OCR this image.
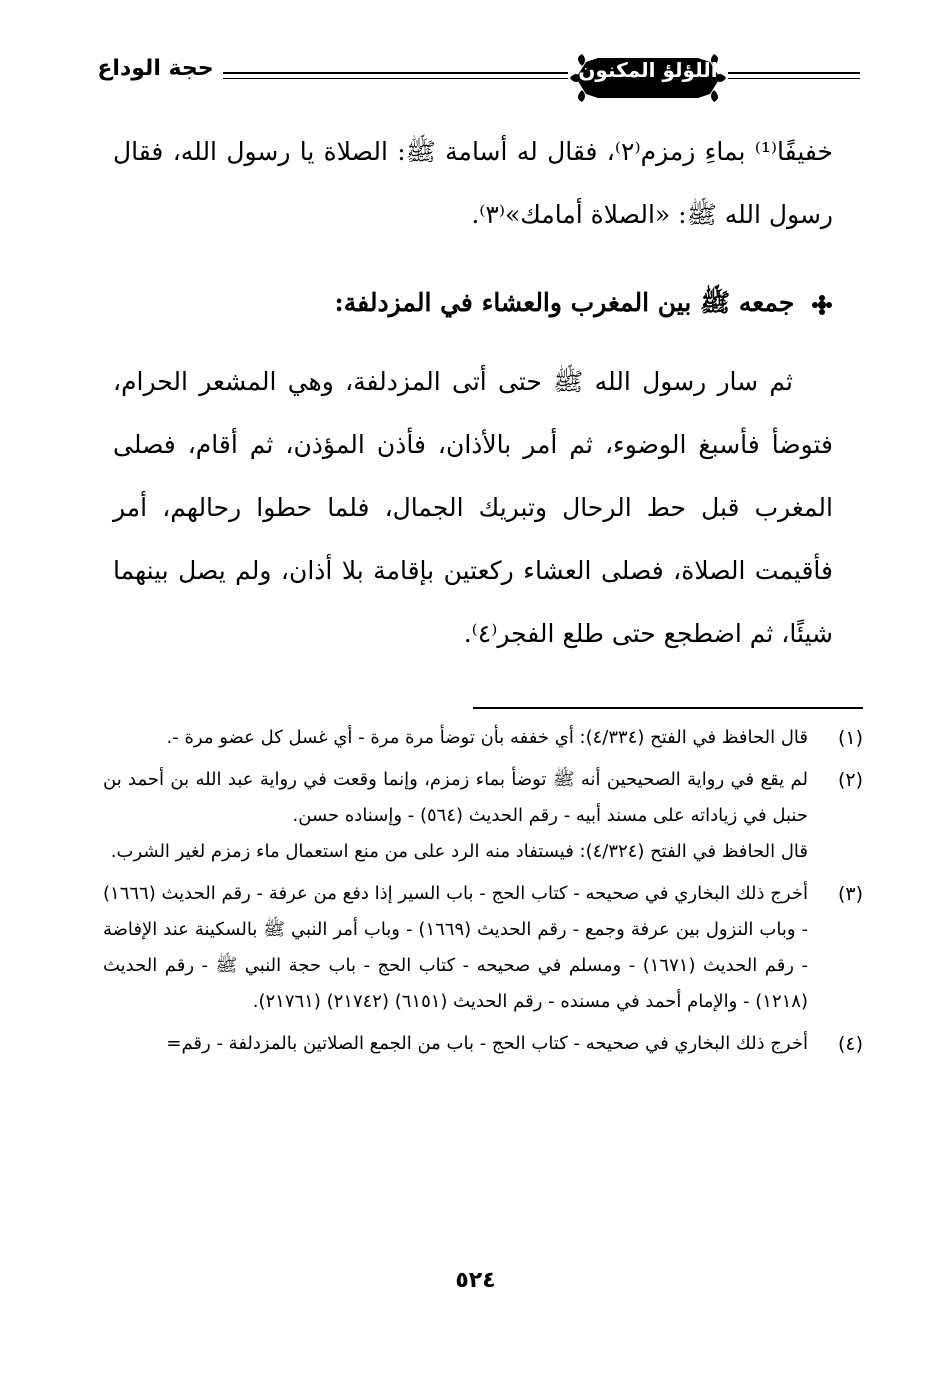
حجة الوداع	اللؤلؤ المكنون
خفيفًا⁽¹⁾ بماءِ زمزم⁽٢⁾، فقال له أسامة ﷺ: الصلاة يا رسول الله، فقال رسول الله ﷺ: «الصلاة أمامك»⁽٣⁾.
جمعه ﷺ بين المغرب والعشاء في المزدلفة:
ثم سار رسول الله ﷺ حتى أتى المزدلفة، وهي المشعر الحرام، فتوضأ فأسبغ الوضوء، ثم أمر بالأذان، فأذن المؤذن، ثم أقام، فصلى المغرب قبل حط الرحال وتبريك الجمال، فلما حطوا رحالهم، أمر فأقيمت الصلاة، فصلى العشاء ركعتين بإقامة بلا أذان، ولم يصل بينهما شيئًا، ثم اضطجع حتى طلع الفجر⁽٤⁾.
(١)
قال الحافظ في الفتح (٤/٣٣٤): أي خففه بأن توضأ مرة مرة - أي غسل كل عضو مرة -.
(٢)
لم يقع في رواية الصحيحين أنه ﷺ توضأ بماء زمزم، وإنما وقعت في رواية عبد الله بن أحمد بن حنبل في زياداته على مسند أبيه - رقم الحديث (٥٦٤) - وإسناده حسن.
قال الحافظ في الفتح (٤/٣٢٤): فيستفاد منه الرد على من منع استعمال ماء زمزم لغير الشرب.
(٣)
أخرج ذلك البخاري في صحيحه - كتاب الحج - باب السير إذا دفع من عرفة - رقم الحديث (١٦٦٦) - وباب النزول بين عرفة وجمع - رقم الحديث (١٦٦٩) - وباب أمر النبي ﷺ بالسكينة عند الإفاضة - رقم الحديث (١٦٧١) - ومسلم في صحيحه - كتاب الحج - باب حجة النبي ﷺ - رقم الحديث (١٢١٨) - والإمام أحمد في مسنده - رقم الحديث (٦١٥١) (٢١٧٤٢) (٢١٧٦١).
(٤)
أخرج ذلك البخاري في صحيحه - كتاب الحج - باب من الجمع الصلاتين بالمزدلفة - رقم=
٥٢٤
